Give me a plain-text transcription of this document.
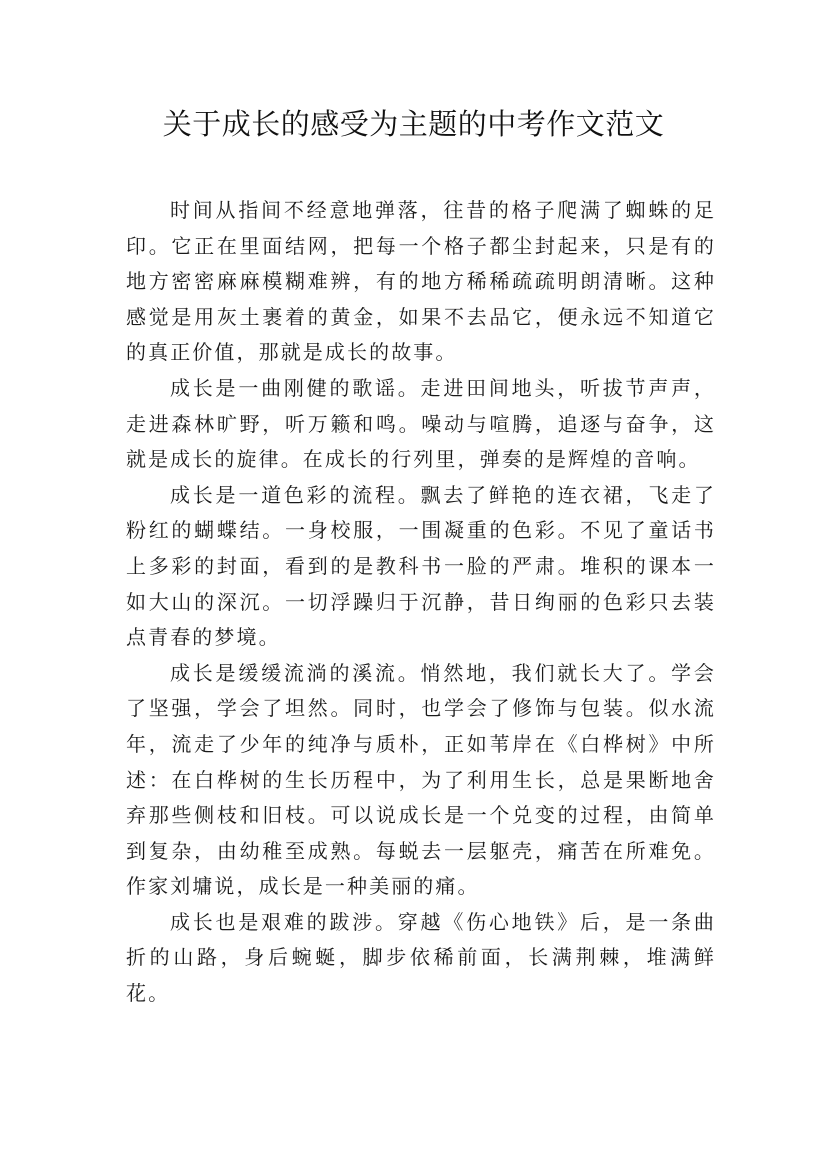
关于成长的感受为主题的中考作文范文

时间从指间不经意地弹落，往昔的格子爬满了蜘蛛的足印。它正在里面结网，把每一个格子都尘封起来，只是有的地方密密麻麻模糊难辨，有的地方稀稀疏疏明朗清晰。这种感觉是用灰土裹着的黄金，如果不去品它，便永远不知道它的真正价值，那就是成长的故事。

成长是一曲刚健的歌谣。走进田间地头，听拔节声声，走进森林旷野，听万籁和鸣。噪动与喧腾，追逐与奋争，这就是成长的旋律。在成长的行列里，弹奏的是辉煌的音响。

成长是一道色彩的流程。飘去了鲜艳的连衣裙，飞走了粉红的蝴蝶结。一身校服，一围凝重的色彩。不见了童话书上多彩的封面，看到的是教科书一脸的严肃。堆积的课本一如大山的深沉。一切浮躁归于沉静，昔日绚丽的色彩只去装点青春的梦境。

成长是缓缓流淌的溪流。悄然地，我们就长大了。学会了坚强，学会了坦然。同时，也学会了修饰与包装。似水流年，流走了少年的纯净与质朴，正如苇岸在《白桦树》中所述：在白桦树的生长历程中，为了利用生长，总是果断地舍弃那些侧枝和旧枝。可以说成长是一个兑变的过程，由简单到复杂，由幼稚至成熟。每蜕去一层躯壳，痛苦在所难免。作家刘墉说，成长是一种美丽的痛。

成长也是艰难的跋涉。穿越《伤心地铁》后，是一条曲折的山路，身后蜿蜒，脚步依稀前面，长满荆棘，堆满鲜花。
